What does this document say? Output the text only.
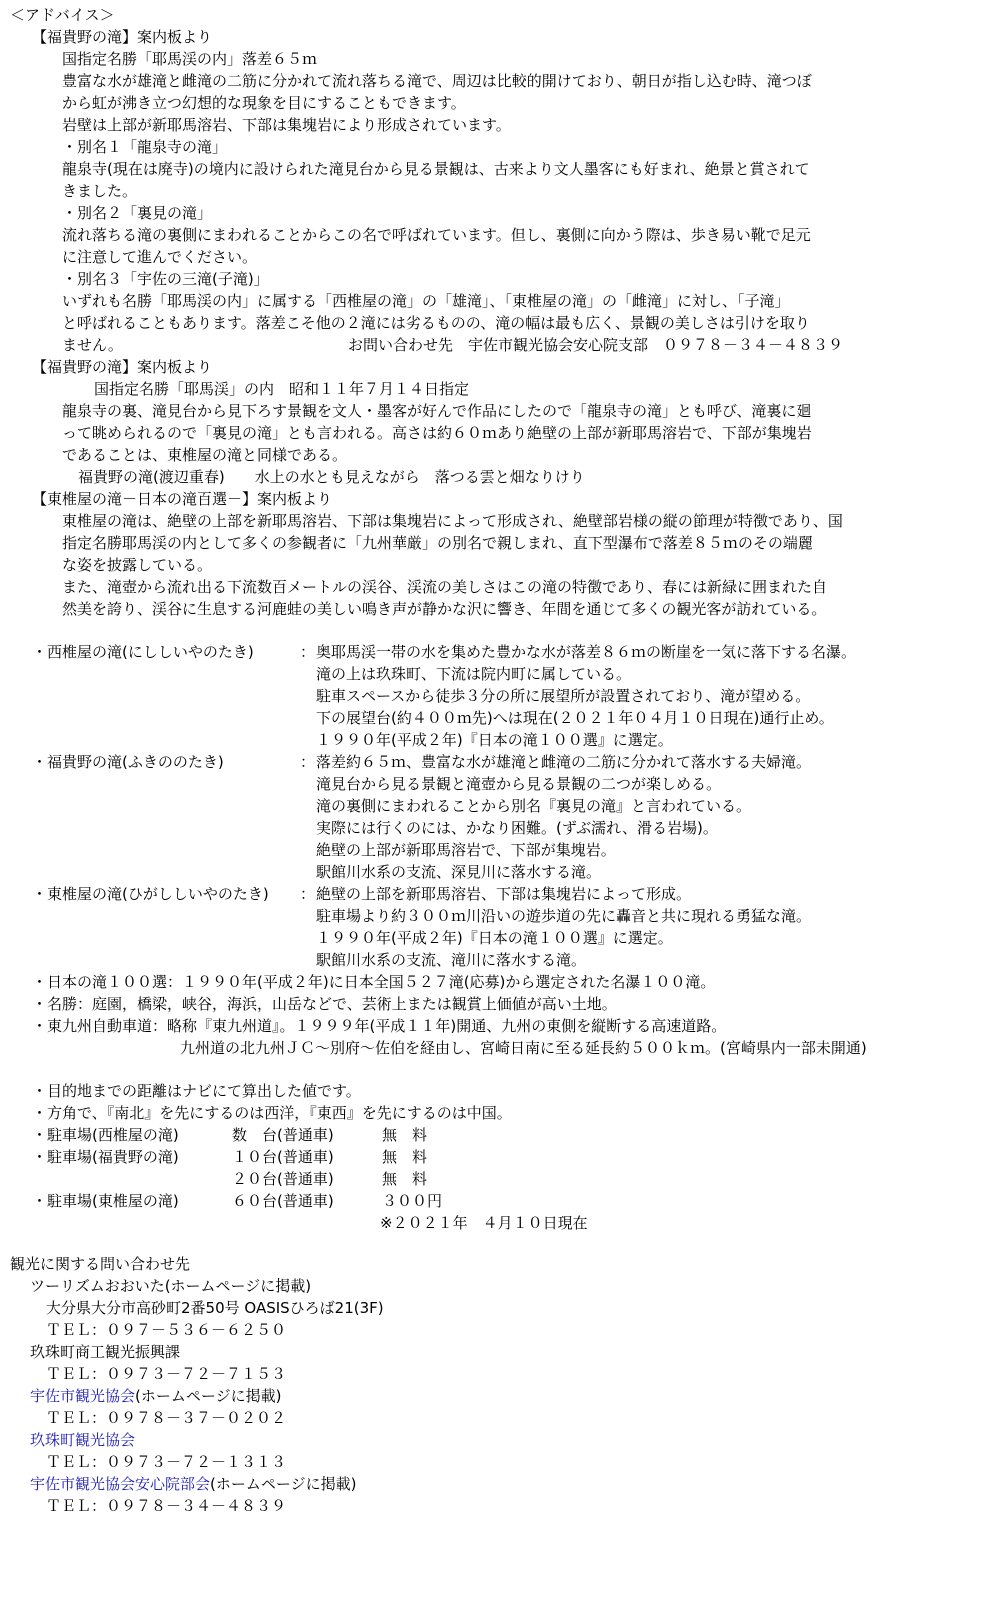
＜アドバイス＞
【福貴野の滝】案内板より
国指定名勝「耶馬渓の内」落差６５ｍ
豊富な水が雄滝と雌滝の二筋に分かれて流れ落ちる滝で、周辺は比較的開けており、朝日が指し込む時、滝つぼ
から虹が沸き立つ幻想的な現象を目にすることもできます。
岩壁は上部が新耶馬溶岩、下部は集塊岩により形成されています。
・別名１「龍泉寺の滝」
龍泉寺(現在は廃寺)の境内に設けられた滝見台から見る景観は、古来より文人墨客にも好まれ、絶景と賞されて
きました。
・別名２「裏見の滝」
流れ落ちる滝の裏側にまわれることからこの名で呼ばれています。但し、裏側に向かう際は、歩き易い靴で足元
に注意して進んでください。
・別名３「宇佐の三滝(子滝)」
いずれも名勝「耶馬渓の内」に属する「西椎屋の滝」の「雄滝」、「東椎屋の滝」の「雌滝」に対し、「子滝」
と呼ばれることもあります。落差こそ他の２滝には劣るものの、滝の幅は最も広く、景観の美しさは引けを取り
ません。	お問い合わせ先　宇佐市観光協会安心院支部　０９７８－３４－４８３９
【福貴野の滝】案内板より
国指定名勝「耶馬渓」の内　昭和１１年７月１４日指定
龍泉寺の裏、滝見台から見下ろす景観を文人・墨客が好んで作品にしたので「龍泉寺の滝」とも呼び、滝裏に廻
って眺められるので「裏見の滝」とも言われる。高さは約６０ｍあり絶壁の上部が新耶馬溶岩で、下部が集塊岩
であることは、東椎屋の滝と同様である。
福貴野の滝(渡辺重春)　　水上の水とも見えながら　落つる雲と畑なりけり
【東椎屋の滝－日本の滝百選－】案内板より
東椎屋の滝は、絶壁の上部を新耶馬溶岩、下部は集塊岩によって形成され、絶壁部岩様の縦の節理が特徴であり、国
指定名勝耶馬渓の内として多くの参観者に「九州華厳」の別名で親しまれ、直下型瀑布で落差８５ｍのその端麗
な姿を披露している。
また、滝壺から流れ出る下流数百メートルの渓谷、渓流の美しさはこの滝の特徴であり、春には新緑に囲まれた自
然美を誇り、渓谷に生息する河鹿蛙の美しい鳴き声が静かな沢に響き、年間を通じて多くの観光客が訪れている。
・西椎屋の滝(にししいやのたき)	： 奥耶馬渓一帯の水を集めた豊かな水が落差８６ｍの断崖を一気に落下する名瀑。
滝の上は玖珠町、下流は院内町に属している。
駐車スペースから徒歩３分の所に展望所が設置されており、滝が望める。
下の展望台(約４００ｍ先)へは現在(２０２１年０４月１０日現在)通行止め。
１９９０年(平成２年)『日本の滝１００選』に選定。
・福貴野の滝(ふきののたき)	： 落差約６５ｍ、豊富な水が雄滝と雌滝の二筋に分かれて落水する夫婦滝。
滝見台から見る景観と滝壺から見る景観の二つが楽しめる。
滝の裏側にまわれることから別名『裏見の滝』と言われている。
実際には行くのには、かなり困難。(ずぶ濡れ、滑る岩場)。
絶壁の上部が新耶馬溶岩で、下部が集塊岩。
駅館川水系の支流、深見川に落水する滝。
・東椎屋の滝(ひがししいやのたき) ： 絶壁の上部を新耶馬溶岩、下部は集塊岩によって形成。
駐車場より約３００ｍ川沿いの遊歩道の先に轟音と共に現れる勇猛な滝。
１９９０年(平成２年)『日本の滝１００選』に選定。
駅館川水系の支流、滝川に落水する滝。
・日本の滝１００選：１９９０年(平成２年)に日本全国５２７滝(応募)から選定された名瀑１００滝。
・名勝：庭園，橋梁，峡谷，海浜，山岳などで、芸術上または観賞上価値が高い土地。
・東九州自動車道：略称『東九州道』。１９９９年(平成１１年)開通、九州の東側を縦断する高速道路。
九州道の北九州ＪＣ～別府～佐伯を経由し、宮崎日南に至る延長約５００ｋｍ。(宮崎県内一部未開通)
・目的地までの距離はナビにて算出した値です。
・方角で、『南北』を先にするのは西洋，『東西』を先にするのは中国。
・駐車場(西椎屋の滝)	数　台(普通車)	無　料
・駐車場(福貴野の滝)	１０台(普通車)	無　料
２０台(普通車)	無　料
・駐車場(東椎屋の滝)	６０台(普通車)	３００円
※２０２１年　４月１０日現在
観光に関する問い合わせ先
ツーリズムおおいた(ホームページに掲載)
大分県大分市高砂町2番50号 OASISひろば21(3F)
ＴＥＬ：０９７－５３６－６２５０
玖珠町商工観光振興課
ＴＥＬ：０９７３－７２－７１５３
宇佐市観光協会(ホームページに掲載)
ＴＥＬ：０９７８－３７－０２０２
玖珠町観光協会
ＴＥＬ：０９７３－７２－１３１３
宇佐市観光協会安心院部会(ホームページに掲載)
ＴＥＬ：０９７８－３４－４８３９
